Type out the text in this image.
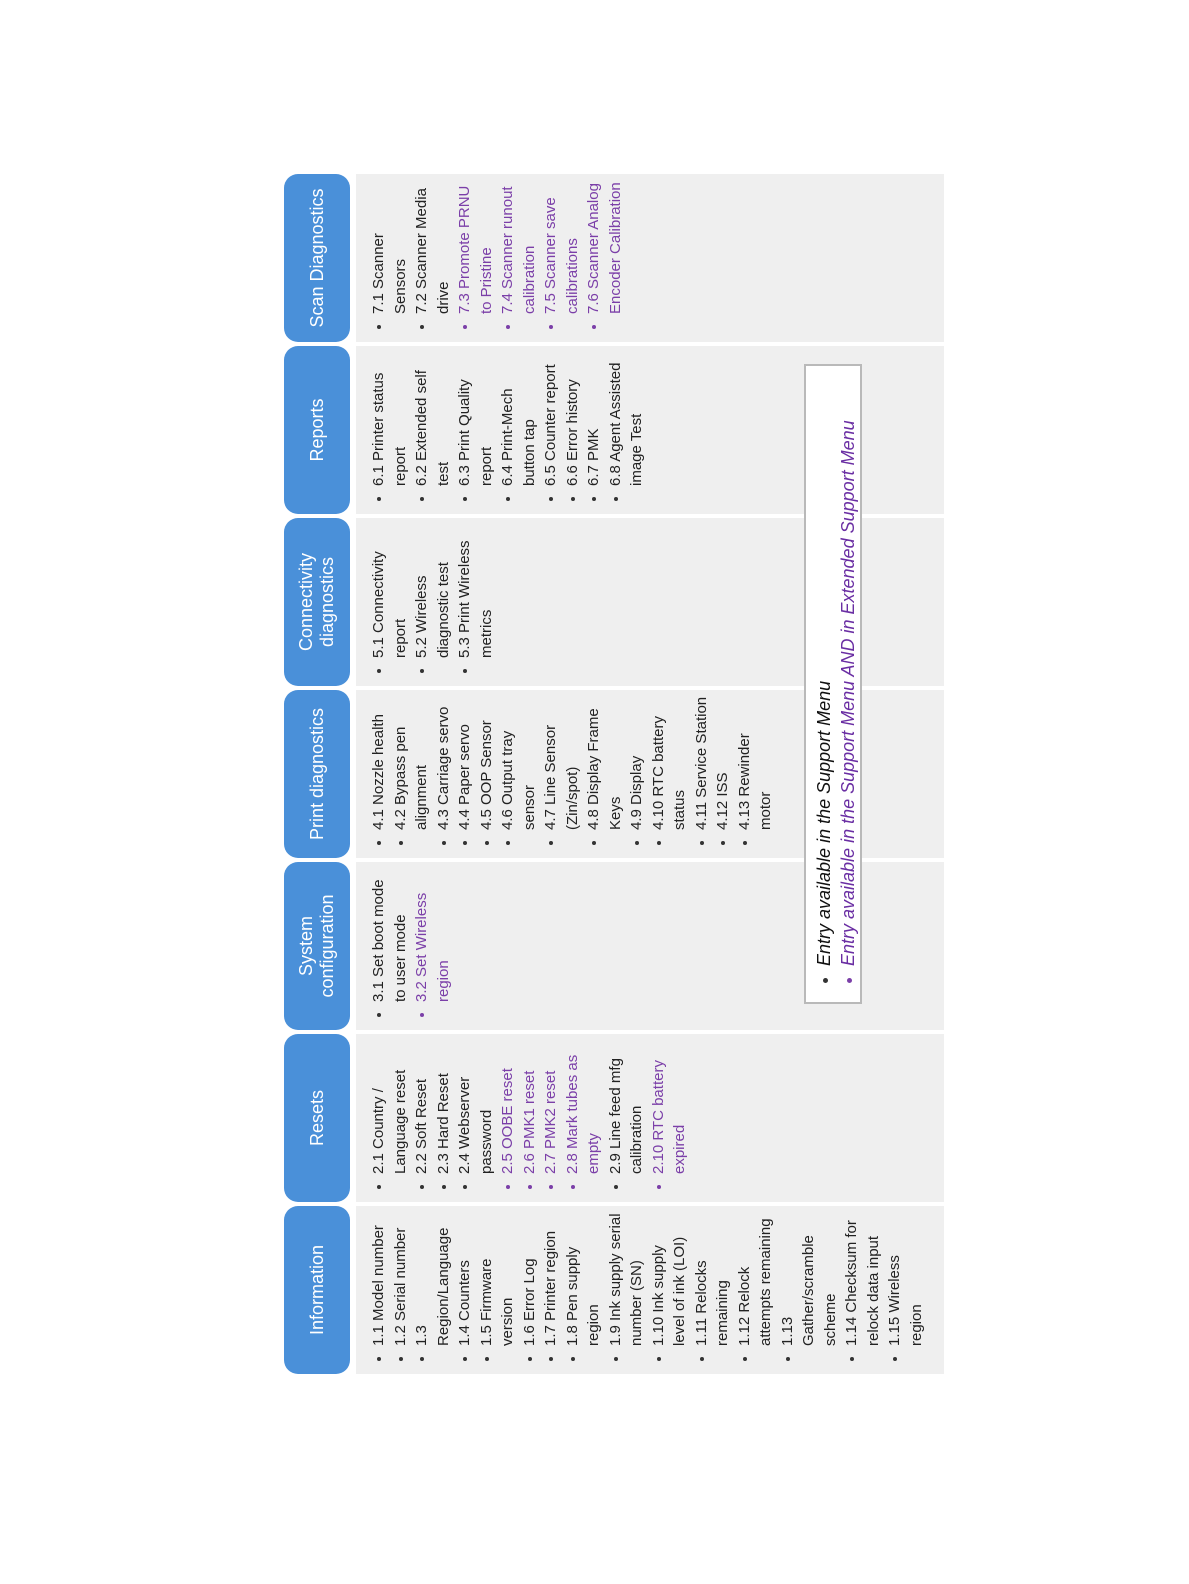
Information	• 1.1 Model number • 1.2 Serial number • 1.3 Region/Language • 1.4 Counters • 1.5 Firmware version • 1.6 Error Log • 1.7 Printer region • 1.8 Pen supply region • 1.9 Ink supply serial number (SN) • 1.10 Ink supply level of ink (LOI) • 1.11 Relocks remaining • 1.12 Relock attempts remaining • 1.13 Gather/scramble scheme • 1.14 Checksum for relock data input • 1.15 Wireless region
Resets	• 2.1 Country / Language reset • 2.2 Soft Reset • 2.3 Hard Reset • 2.4 Webserver password • 2.5 OOBE reset • 2.6 PMK1 reset • 2.7 PMK2 reset • 2.8 Mark tubes as empty • 2.9 Line feed mfg calibration • 2.10 RTC battery expired
System configuration	• 3.1 Set boot mode to user mode • 3.2 Set Wireless region
Print diagnostics	• 4.1 Nozzle health • 4.2 Bypass pen alignment • 4.3 Carriage servo • 4.4 Paper servo • 4.5 OOP Sensor • 4.6 Output tray sensor • 4.7 Line Sensor (Zin/spot) • 4.8 Display Frame Keys • 4.9 Display • 4.10 RTC battery status • 4.11 Service Station • 4.12 ISS • 4.13 Rewinder motor
Connectivity diagnostics	• 5.1 Connectivity report • 5.2 Wireless diagnostic test • 5.3 Print Wireless metrics
Reports	• 6.1 Printer status report • 6.2 Extended self test • 6.3 Print Quality report • 6.4 Print-Mech button tap • 6.5 Counter report • 6.6 Error history • 6.7 PMK • 6.8 Agent Assisted image Test
Scan Diagnostics	• 7.1 Scanner Sensors • 7.2 Scanner Media drive • 7.3 Promote PRNU to Pristine • 7.4 Scanner runout calibration • 7.5 Scanner save calibrations • 7.6 Scanner Analog Encoder Calibration
• Entry available in the Support Menu • Entry available in the Support Menu AND in Extended Support Menu
